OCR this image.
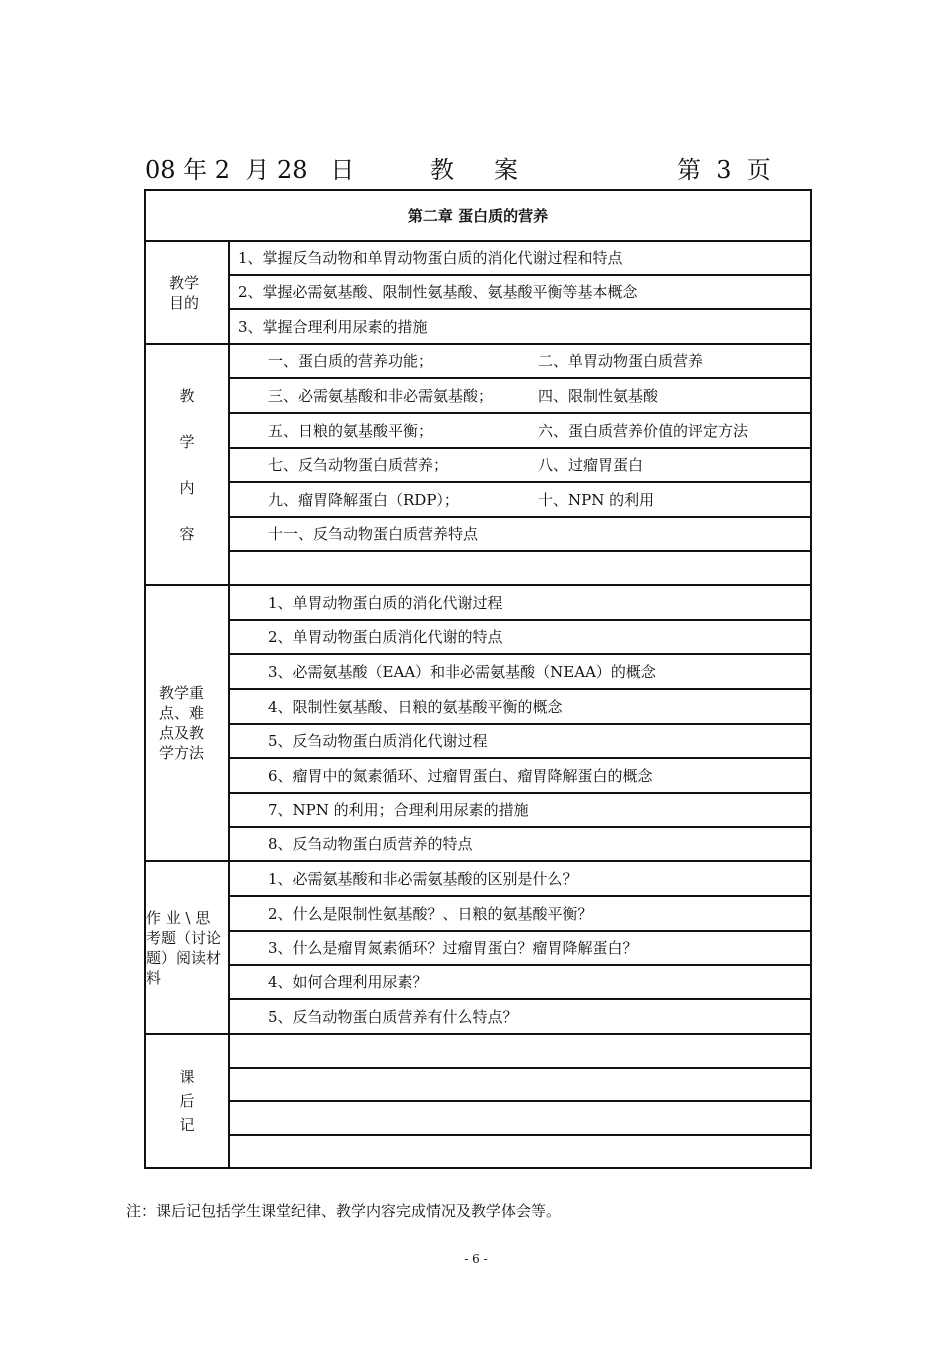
08 年 2  月 28   日	教案	第  3  页
第二章 蛋白质的营养	
教学目的	1、掌握反刍动物和单胃动物蛋白质的消化代谢过程和特点
	2、掌握必需氨基酸、限制性氨基酸、氨基酸平衡等基本概念
	3、掌握合理利用尿素的措施

教
学
内
容	一、蛋白质的营养功能； 二、单胃动物蛋白质营养
	三、必需氨基酸和非必需氨基酸； 四、限制性氨基酸
	五、日粮的氨基酸平衡； 六、蛋白质营养价值的评定方法
	七、反刍动物蛋白质营养； 八、过瘤胃蛋白
	九、瘤胃降解蛋白（RDP）； 十、NPN 的利用
	十一、反刍动物蛋白质营养特点

教学重
点、难
点及教
学方法	1、单胃动物蛋白质的消化代谢过程
	2、单胃动物蛋白质消化代谢的特点
	3、必需氨基酸（EAA）和非必需氨基酸（NEAA）的概念
	4、限制性氨基酸、日粮的氨基酸平衡的概念
	5、反刍动物蛋白质消化代谢过程
	6、瘤胃中的氮素循环、过瘤胃蛋白、瘤胃降解蛋白的概念
	7、NPN 的利用；合理利用尿素的措施
	8、反刍动物蛋白质营养的特点

作 业 \ 思
考题（讨论
题）阅读材
料	1、必需氨基酸和非必需氨基酸的区别是什么？
	2、什么是限制性氨基酸？、日粮的氨基酸平衡？
	3、什么是瘤胃氮素循环？过瘤胃蛋白？瘤胃降解蛋白？
	4、如何合理利用尿素？
	5、反刍动物蛋白质营养有什么特点？

课
后
记	

注：课后记包括学生课堂纪律、教学内容完成情况及教学体会等。
- 6 -
